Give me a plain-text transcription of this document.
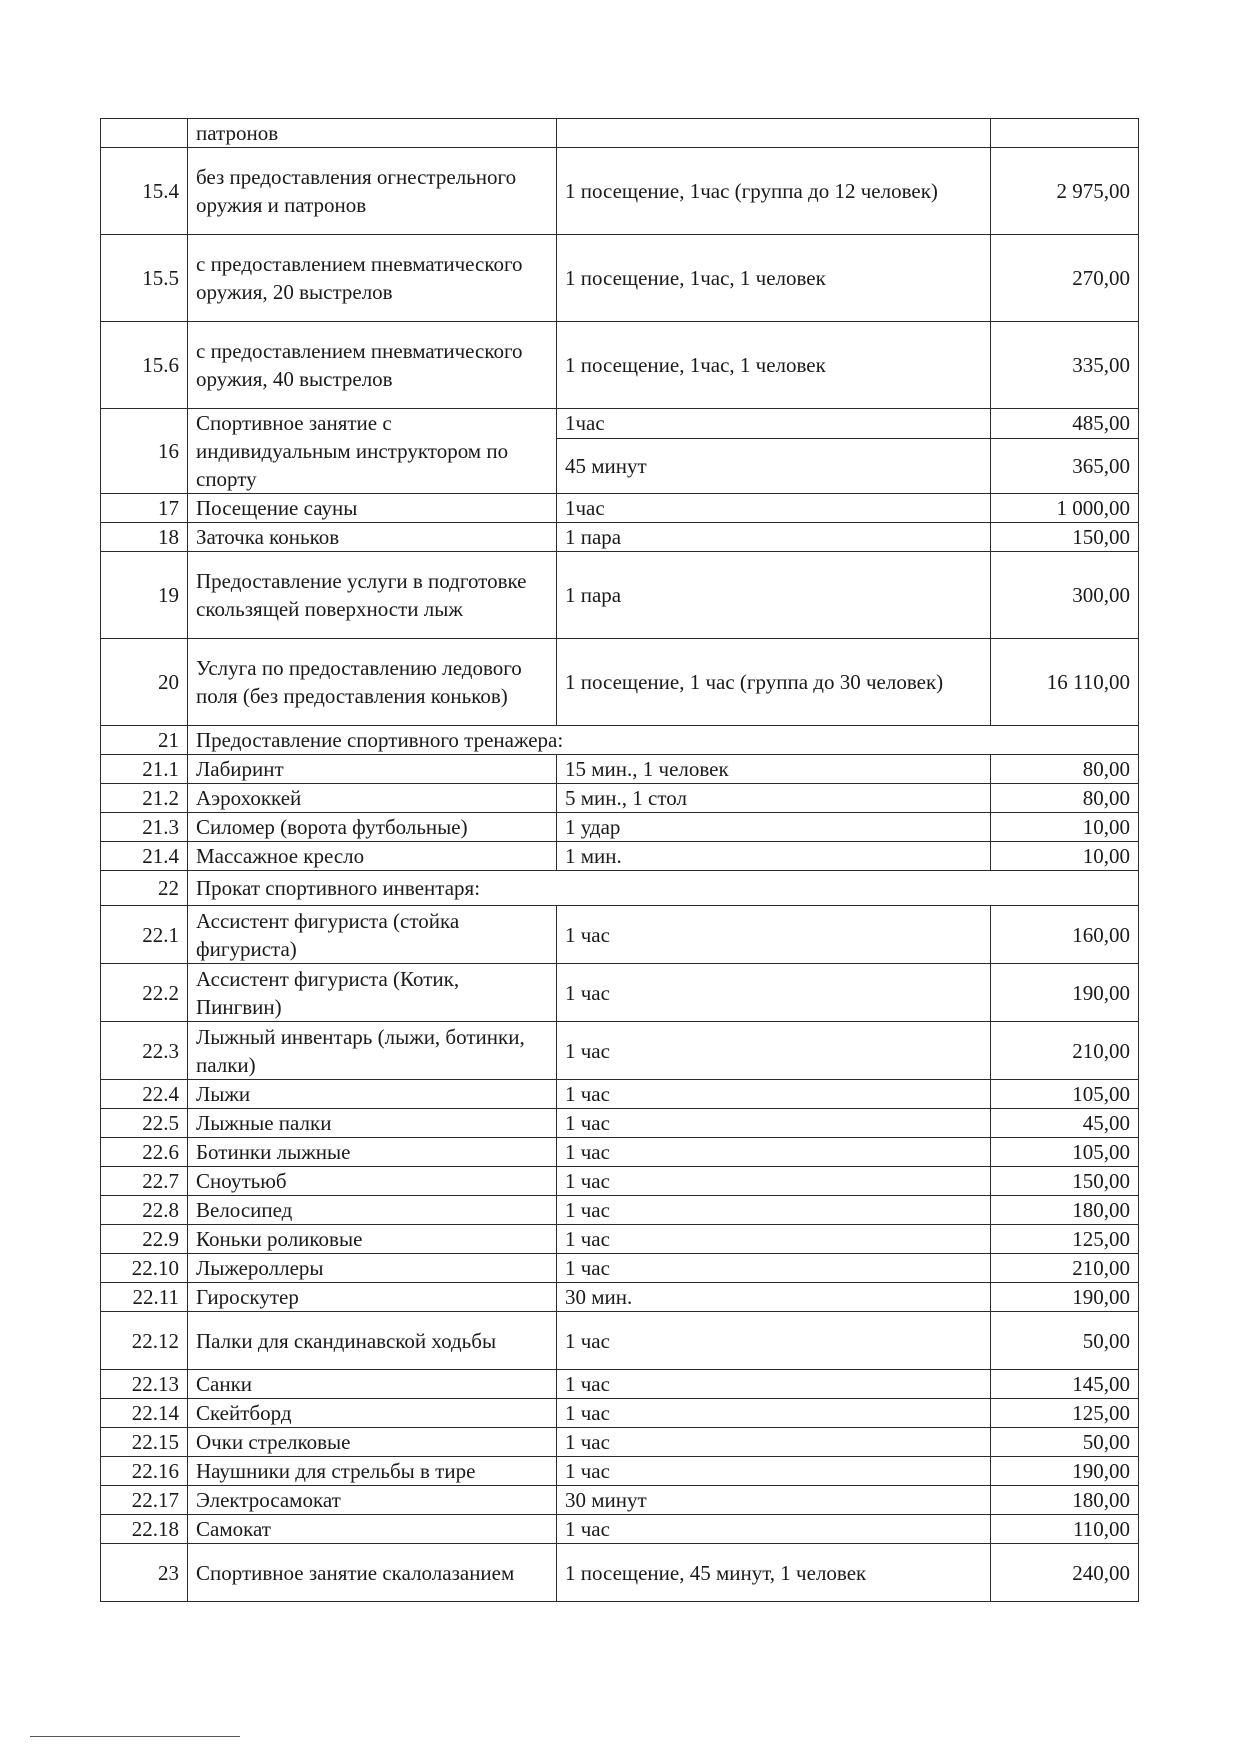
	патронов		
15.4	без предоставления огнестрельного оружия и патронов	1 посещение, 1час (группа до 12 человек)	2 975,00
15.5	с предоставлением пневматического оружия, 20 выстрелов	1 посещение, 1час, 1 человек	270,00
15.6	с предоставлением пневматического оружия, 40 выстрелов	1 посещение, 1час, 1 человек	335,00
16	Спортивное занятие с индивидуальным инструктором по спорту	1час	485,00
		45 минут	365,00
17	Посещение сауны	1час	1 000,00
18	Заточка коньков	1 пара	150,00
19	Предоставление услуги в подготовке скользящей поверхности лыж	1 пара	300,00
20	Услуга по предоставлению ледового поля (без предоставления коньков)	1 посещение, 1 час (группа до 30 человек)	16 110,00
21	Предоставление спортивного тренажера:		
21.1	Лабиринт	15 мин., 1 человек	80,00
21.2	Аэрохоккей	5 мин., 1 стол	80,00
21.3	Силомер (ворота футбольные)	1 удар	10,00
21.4	Массажное кресло	1 мин.	10,00
22	Прокат спортивного инвентаря:		
22.1	Ассистент фигуриста (стойка фигуриста)	1 час	160,00
22.2	Ассистент фигуриста (Котик, Пингвин)	1 час	190,00
22.3	Лыжный инвентарь (лыжи, ботинки, палки)	1 час	210,00
22.4	Лыжи	1 час	105,00
22.5	Лыжные палки	1 час	45,00
22.6	Ботинки лыжные	1 час	105,00
22.7	Сноутьюб	1 час	150,00
22.8	Велосипед	1 час	180,00
22.9	Коньки роликовые	1 час	125,00
22.10	Лыжероллеры	1 час	210,00
22.11	Гироскутер	30 мин.	190,00
22.12	Палки для скандинавской ходьбы	1 час	50,00
22.13	Санки	1 час	145,00
22.14	Скейтборд	1 час	125,00
22.15	Очки стрелковые	1 час	50,00
22.16	Наушники для стрельбы в тире	1 час	190,00
22.17	Электросамокат	30 минут	180,00
22.18	Самокат	1 час	110,00
23	Спортивное занятие скалолазанием	1 посещение, 45 минут, 1 человек	240,00
